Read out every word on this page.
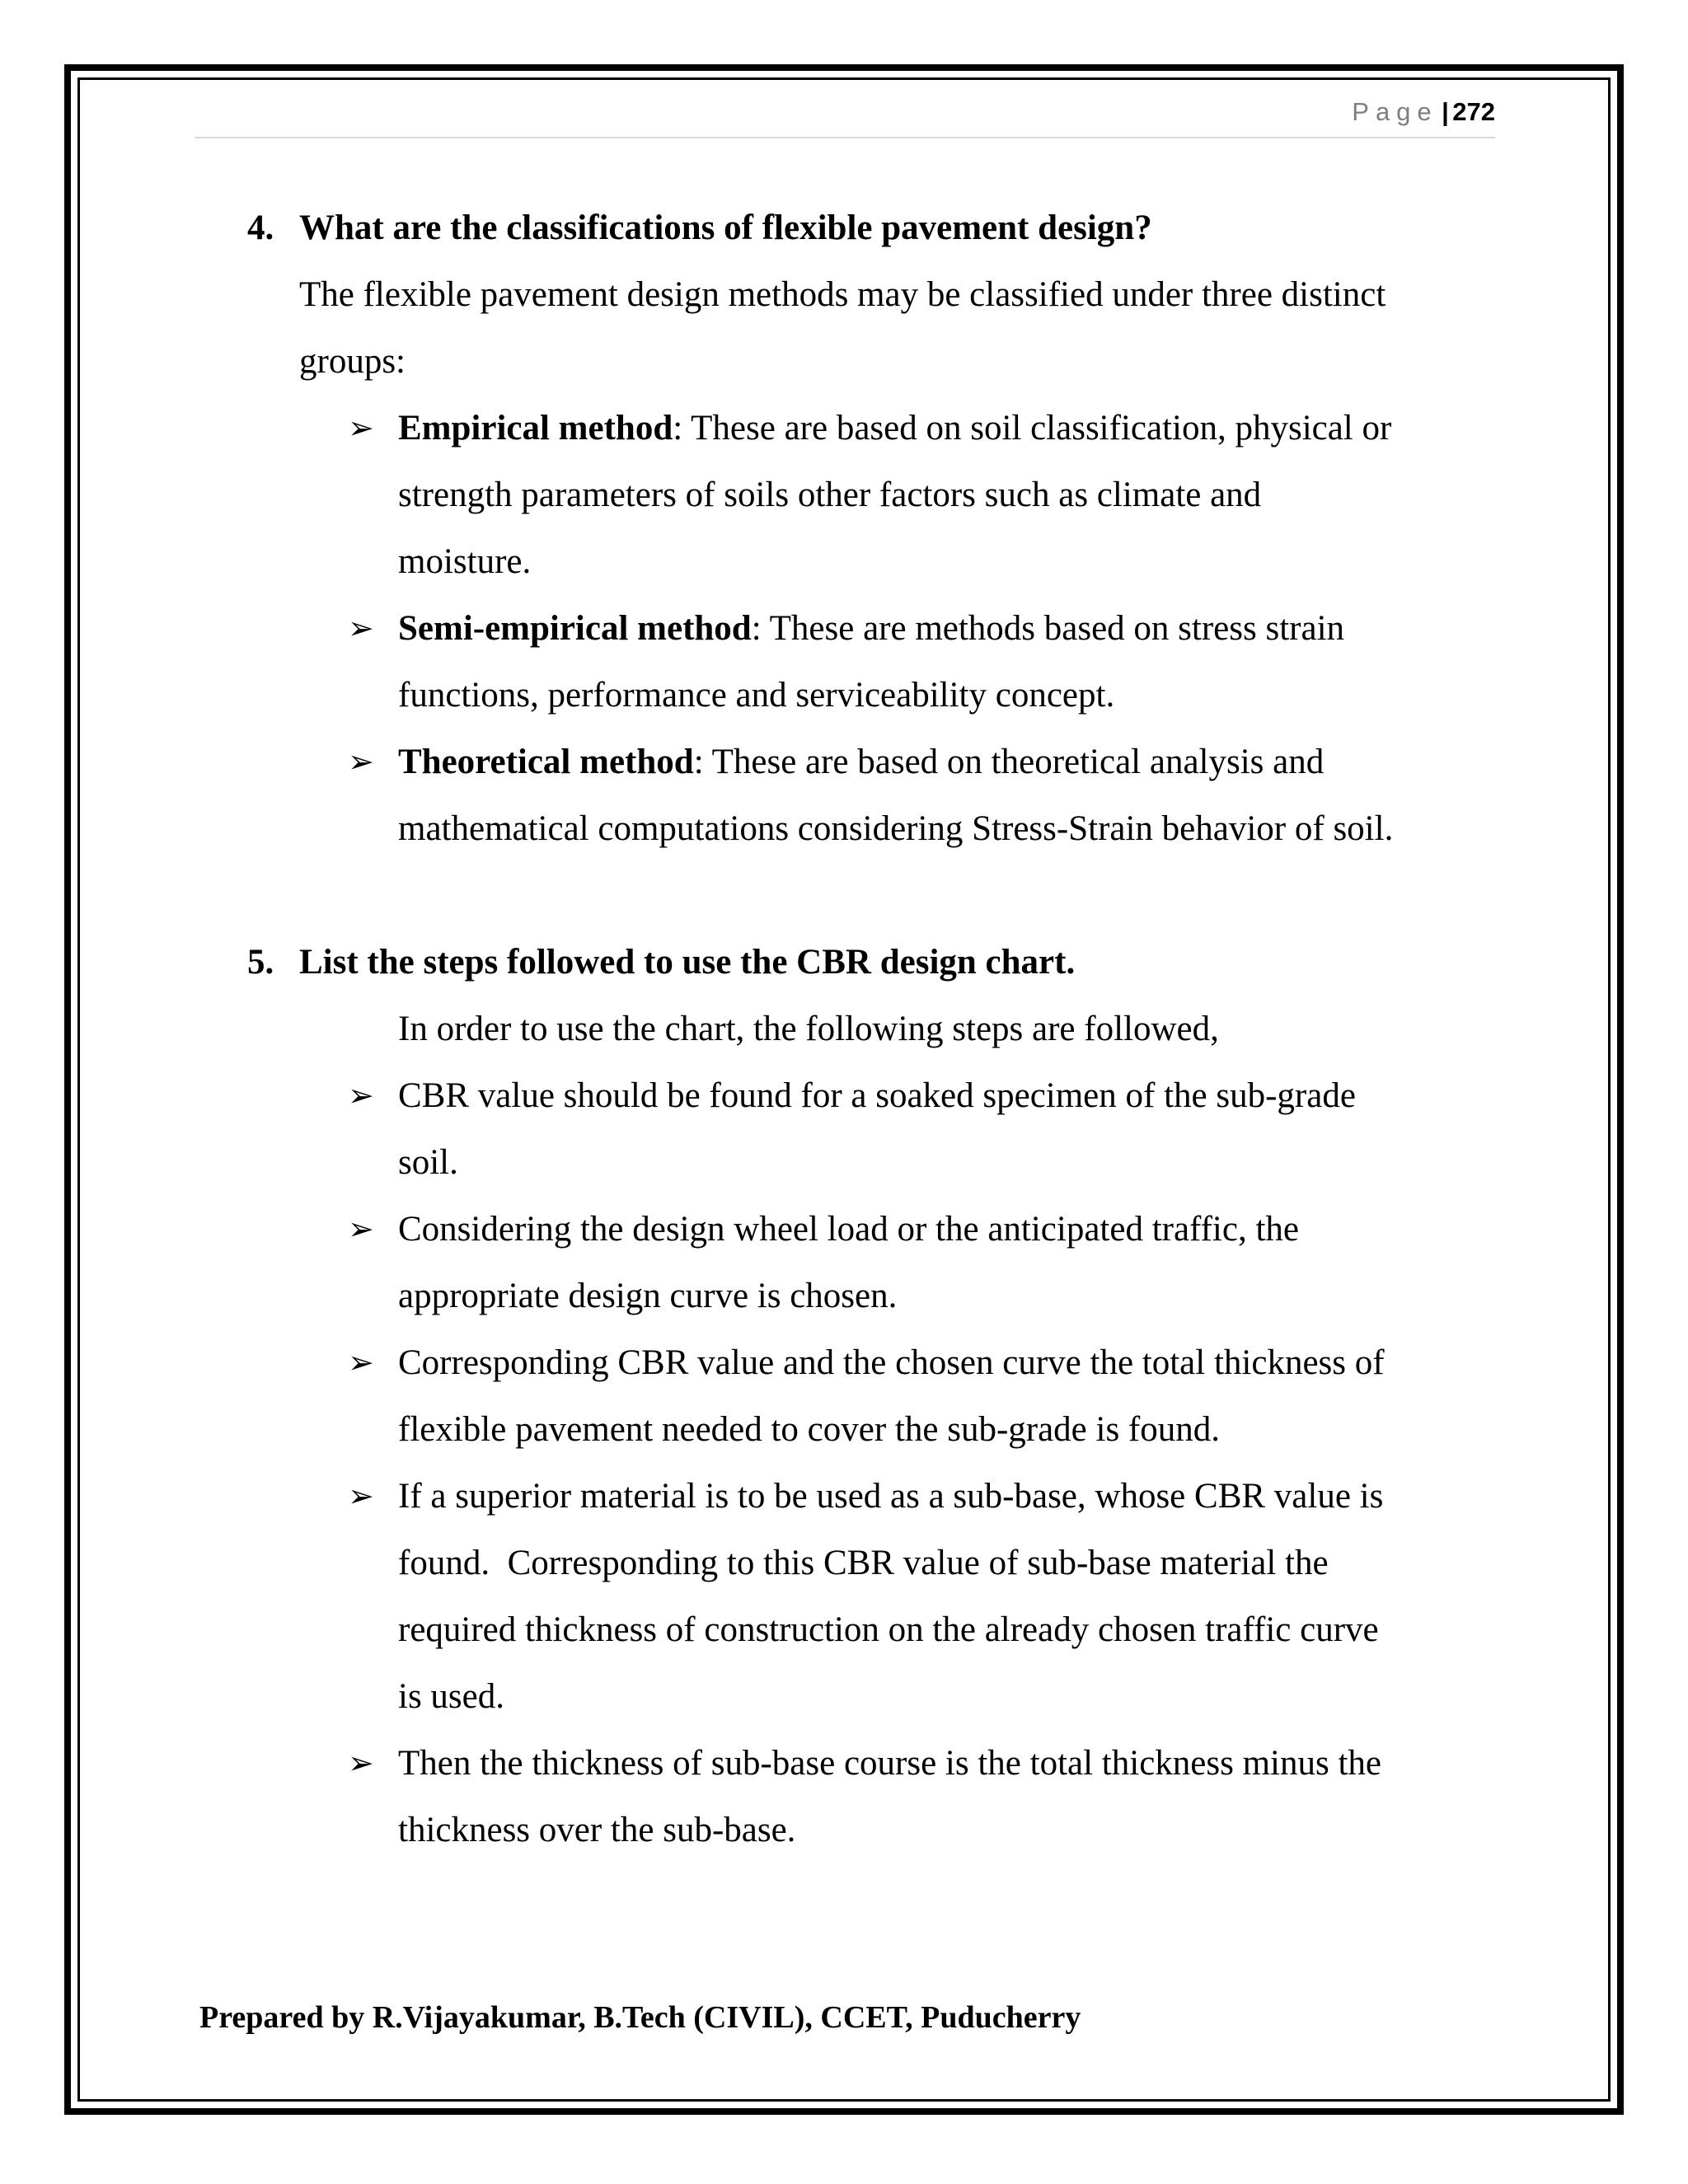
Page | 272

4. What are the classifications of flexible pavement design?

The flexible pavement design methods may be classified under three distinct
groups:

➢ Empirical method: These are based on soil classification, physical or
strength parameters of soils other factors such as climate and
moisture.
➢ Semi-empirical method: These are methods based on stress strain
functions, performance and serviceability concept.
➢ Theoretical method: These are based on theoretical analysis and
mathematical computations considering Stress-Strain behavior of soil.

5. List the steps followed to use the CBR design chart.

In order to use the chart, the following steps are followed,

➢ CBR value should be found for a soaked specimen of the sub-grade
soil.
➢ Considering the design wheel load or the anticipated traffic, the
appropriate design curve is chosen.
➢ Corresponding CBR value and the chosen curve the total thickness of
flexible pavement needed to cover the sub-grade is found.
➢ If a superior material is to be used as a sub-base, whose CBR value is
found.  Corresponding to this CBR value of sub-base material the
required thickness of construction on the already chosen traffic curve
is used.
➢ Then the thickness of sub-base course is the total thickness minus the
thickness over the sub-base.
Prepared by R.Vijayakumar, B.Tech (CIVIL), CCET, Puducherry
